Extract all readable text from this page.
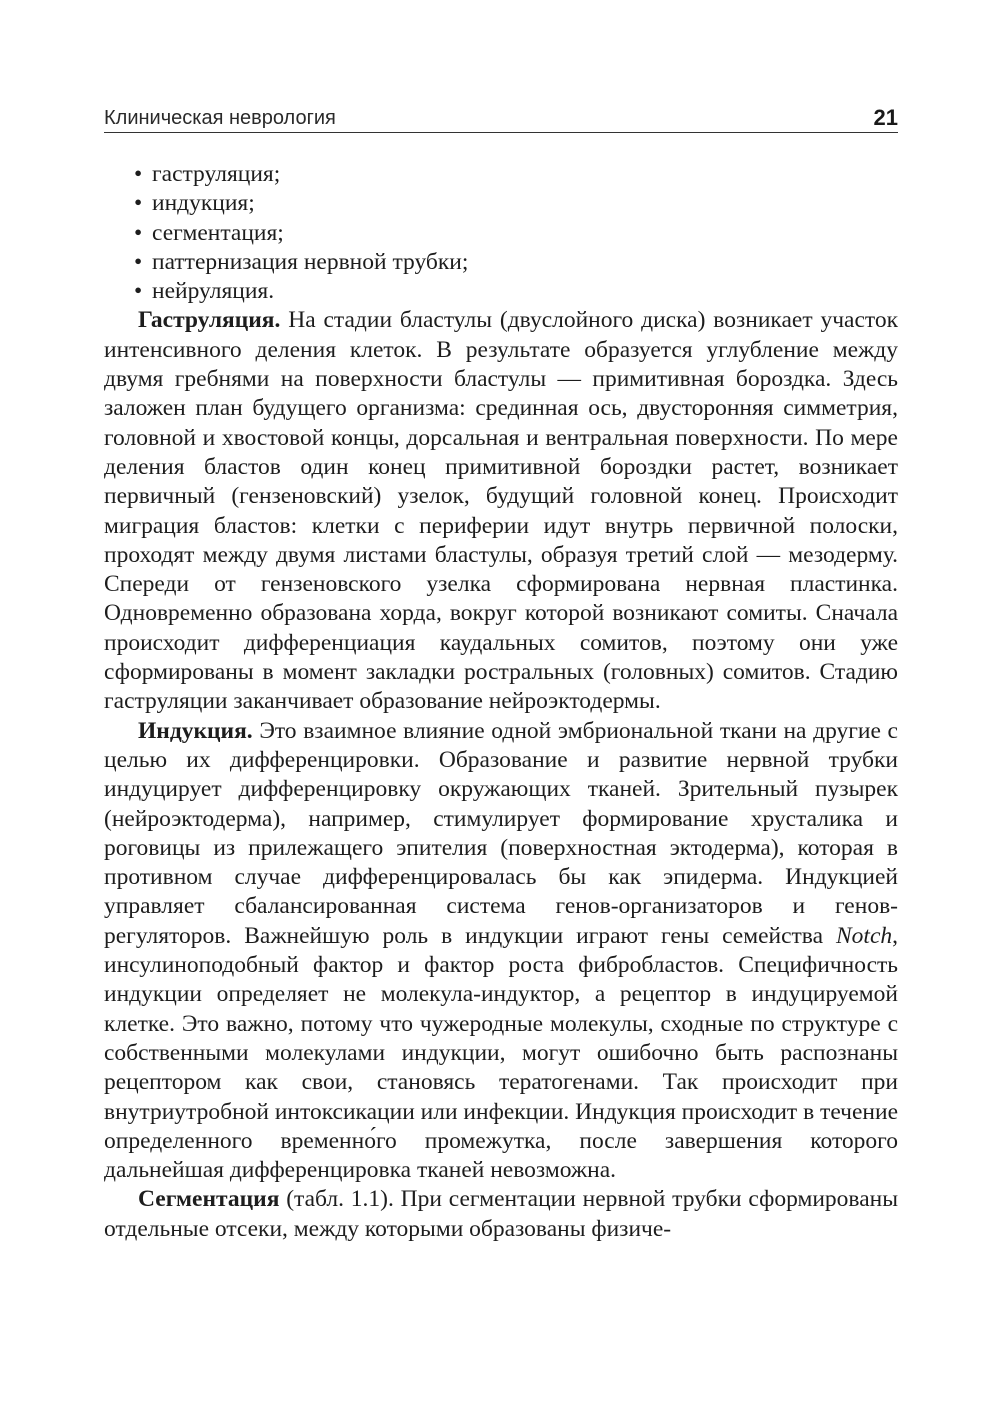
Клиническая неврология	21
• гаструляция;
• индукция;
• сегментация;
• паттернизация нервной трубки;
• нейруляция.

Гаструляция. На стадии бластулы (двуслойного диска) возникает участок интенсивного деления клеток. В результате образуется углубление между двумя гребнями на поверхности бластулы — примитивная бороздка. Здесь заложен план будущего организма: срединная ось, двусторонняя симметрия, головной и хвостовой концы, дорсальная и вентральная поверхности. По мере деления бластов один конец примитивной бороздки растет, возникает первичный (гензеновский) узелок, будущий головной конец. Происходит миграция бластов: клетки с периферии идут внутрь первичной полоски, проходят между двумя листами бластулы, образуя третий слой — мезодерму. Спереди от гензеновского узелка сформирована нервная пластинка. Одновременно образована хорда, вокруг которой возникают сомиты. Сначала происходит дифференциация каудальных сомитов, поэтому они уже сформированы в момент закладки ростральных (головных) сомитов. Стадию гаструляции заканчивает образование нейроэктодермы.

Индукция. Это взаимное влияние одной эмбриональной ткани на другие с целью их дифференцировки. Образование и развитие нервной трубки индуцирует дифференцировку окружающих тканей. Зрительный пузырек (нейроэктодерма), например, стимулирует формирование хрусталика и роговицы из прилежащего эпителия (поверхностная эктодерма), которая в противном случае дифференцировалась бы как эпидерма. Индукцией управляет сбалансированная система генов-организаторов и генов-регуляторов. Важнейшую роль в индукции играют гены семейства Notch, инсулиноподобный фактор и фактор роста фибробластов. Специфичность индукции определяет не молекула-индуктор, а рецептор в индуцируемой клетке. Это важно, потому что чужеродные молекулы, сходные по структуре с собственными молекулами индукции, могут ошибочно быть распознаны рецептором как свои, становясь тератогенами. Так происходит при внутриутробной интоксикации или инфекции. Индукция происходит в течение определенного временно́го промежутка, после завершения которого дальнейшая дифференцировка тканей невозможна.

Сегментация (табл. 1.1). При сегментации нервной трубки сформированы отдельные отсеки, между которыми образованы физиче-
